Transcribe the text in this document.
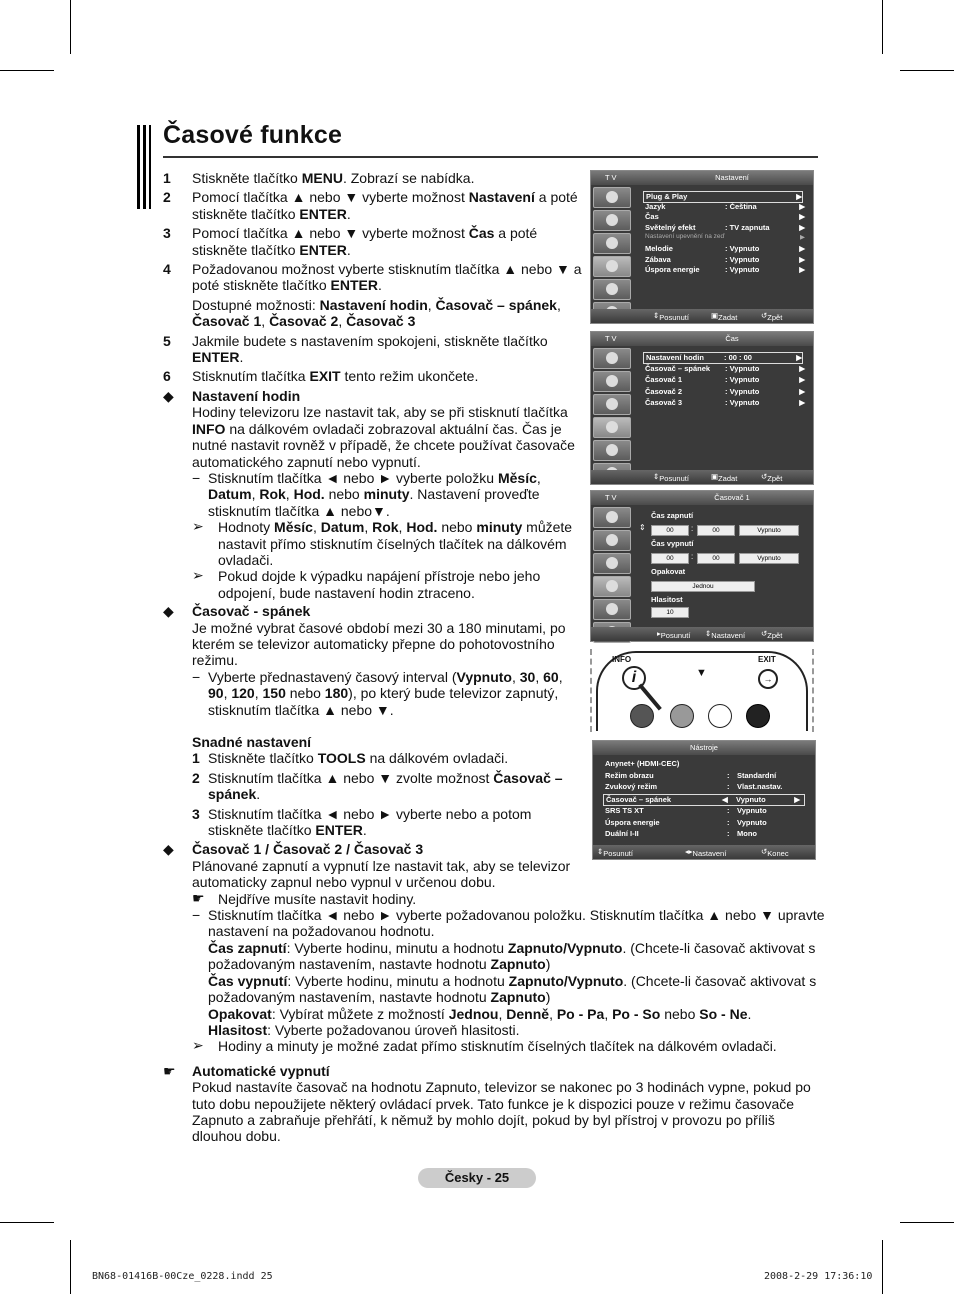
Časové funkce
1 Stiskněte tlačítko MENU. Zobrazí se nabídka.
2 Pomocí tlačítka ▲ nebo ▼ vyberte možnost Nastavení a poté stiskněte tlačítko ENTER.
3 Pomocí tlačítka ▲ nebo ▼ vyberte možnost Čas a poté stiskněte tlačítko ENTER.
4 Požadovanou možnost vyberte stisknutím tlačítka ▲ nebo ▼ a poté stiskněte tlačítko ENTER.
Dostupné možnosti: Nastavení hodin, Časovač – spánek, Časovač 1, Časovač 2, Časovač 3
5 Jakmile budete s nastavením spokojeni, stiskněte tlačítko ENTER.
6 Stisknutím tlačítka EXIT tento režim ukončete.
◆ Nastavení hodin
Hodiny televizoru lze nastavit tak, aby se při stisknutí tlačítka INFO na dálkovém ovladači zobrazoval aktuální čas. Čas je nutné nastavit rovněž v případě, že chcete používat časovače automatického zapnutí nebo vypnutí.
− Stisknutím tlačítka ◄ nebo ► vyberte položku Měsíc, Datum, Rok, Hod. nebo minuty. Nastavení proveďte stisknutím tlačítka ▲ nebo▼.
➢ Hodnoty Měsíc, Datum, Rok, Hod. nebo minuty můžete nastavit přímo stisknutím číselných tlačítek na dálkovém ovladači.
➢ Pokud dojde k výpadku napájení přístroje nebo jeho odpojení, bude nastavení hodin ztraceno.
◆ Časovač - spánek
Je možné vybrat časové období mezi 30 a 180 minutami, po kterém se televizor automaticky přepne do pohotovostního režimu.
− Vyberte přednastavený časový interval (Vypnuto, 30, 60, 90, 120, 150 nebo 180), po který bude televizor zapnutý, stisknutím tlačítka ▲ nebo ▼.
Snadné nastavení
1 Stiskněte tlačítko TOOLS na dálkovém ovladači.
2 Stisknutím tlačítka ▲ nebo ▼ zvolte možnost Časovač – spánek.
3 Stisknutím tlačítka ◄ nebo ► vyberte nebo a potom stiskněte tlačítko ENTER.
◆ Časovač 1 / Časovač 2 / Časovač 3

Plánované zapnutí a vypnutí lze nastavit tak, aby se televizor automaticky zapnul nebo vypnul v určenou dobu.
☛ Nejdříve musíte nastavit hodiny.
− Stisknutím tlačítka ◄ nebo ► vyberte požadovanou položku. Stisknutím tlačítka ▲ nebo ▼ upravte nastavení na požadovanou hodnotu.
Čas zapnutí: Vyberte hodinu, minutu a hodnotu Zapnuto/Vypnuto. (Chcete-li časovač aktivovat s požadovaným nastavením, nastavte hodnotu Zapnuto)
Čas vypnutí: Vyberte hodinu, minutu a hodnotu Zapnuto/Vypnuto. (Chcete-li časovač aktivovat s požadovaným nastavením, nastavte hodnotu Zapnuto)
Opakovat: Vybírat můžete z možností Jednou, Denně, Po - Pa, Po - So nebo So - Ne.
Hlasitost: Vyberte požadovanou úroveň hlasitosti.
➢ Hodiny a minuty je možné zadat přímo stisknutím číselných tlačítek na dálkovém ovladači.
☛ Automatické vypnutí
Pokud nastavíte časovač na hodnotu Zapnuto, televizor se nakonec po 3 hodinách vypne, pokud po tuto dobu nepoužijete některý ovládací prvek. Tato funkce je k dispozici pouze v režimu časovače Zapnuto a zabraňuje přehřátí, k němuž by mohlo dojít, pokud by byl přístroj v provozu po příliš dlouhou dobu.
T V	Nastavení
Plug & Play	▶
Jazyk	: Čeština	▶
Čas	▶
Světelný efekt	: TV zapnuta	▶
Nastavení upevnění na zeď	▶
Melodie	: Vypnuto	▶
Zábava	: Vypnuto	▶
Úspora energie	: Vypnuto	▶
⇕ Posunutí	▣ Zadat	↺ Zpět
T V	Čas
Nastavení hodin	: 00 : 00	▶
Časovač – spánek : Vypnuto	▶
Časovač 1	: Vypnuto	▶
Časovač 2	: Vypnuto	▶
Časovač 3	: Vypnuto	▶
⇕ Posunutí	▣ Zadat	↺ Zpět
T V	Časovač 1
Čas zapnutí
⇕	00	:	00	Vypnuto
Čas vypnutí
00	:	00	Vypnuto
Opakovat
Jednou
Hlasitost
10
▸ Posunutí ⇕ Nastavení ↺ Zpět
INFO	EXIT
i	→
▼
Nástroje
Anynet+ (HDMI-CEC)
Režim obrazu	Standardní
:
Zvukový režim	Vlast.nastav.
:
Časovač – spánek	Vypnuto
◀	▶
SRS TS XT	Vypnuto
:
Úspora energie	Vypnuto
:
Duální I-II	Mono
:
⇕ Posunutí	◂▸ Nastavení	↺ Konec
Česky - 25
BN68-01416B-00Cze_0228.indd 25	2008-2-29 17:36:10
